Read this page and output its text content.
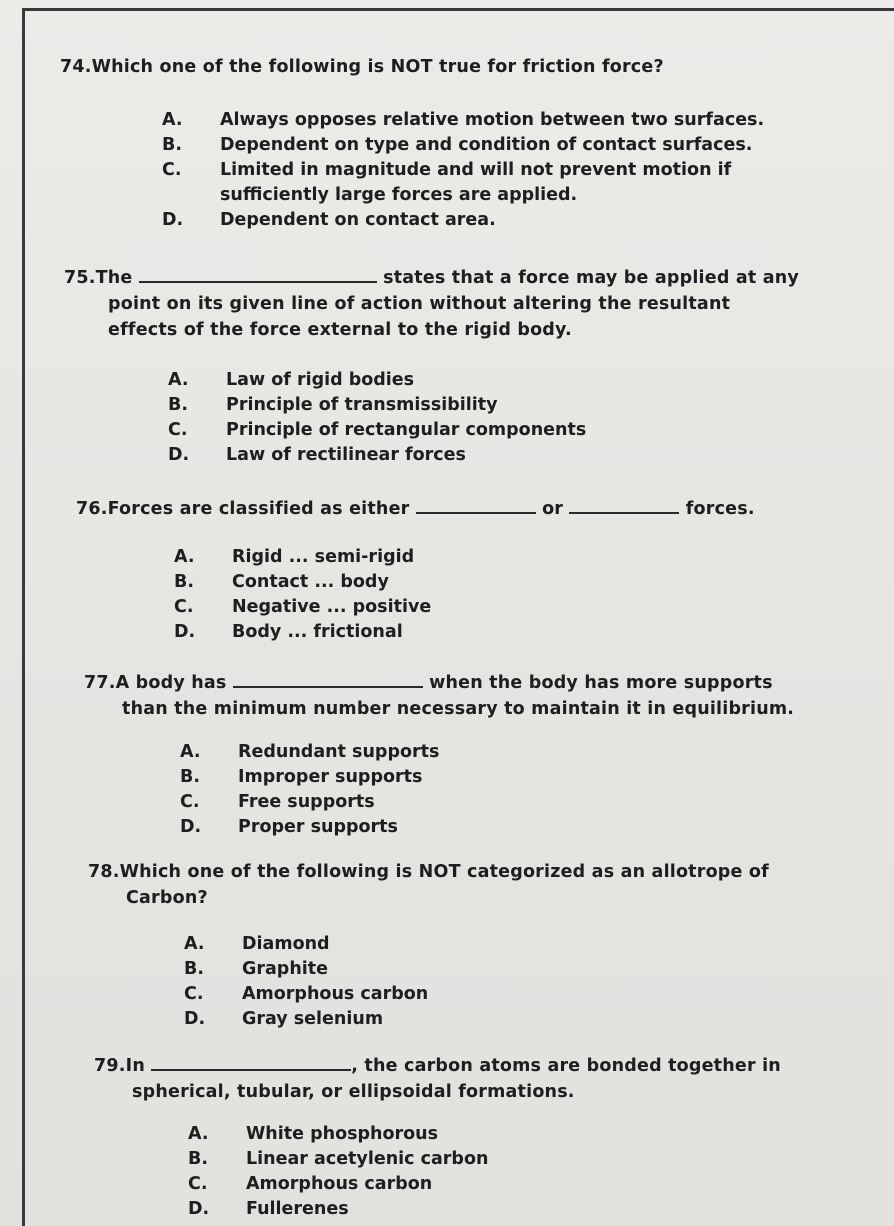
74.Which one of the following is NOT true for friction force?
A. Always opposes relative motion between two surfaces.
B. Dependent on type and condition of contact surfaces.
C. Limited in magnitude and will not prevent motion if
sufficiently large forces are applied.
D. Dependent on contact area.
75.The	states that a force may be applied at any
point on its given line of action without altering the resultant
effects of the force external to the rigid body.
A. Law of rigid bodies
B. Principle of transmissibility
C. Principle of rectangular components
D. Law of rectilinear forces
76.Forces are classified as either	or	forces.
A. Rigid ... semi-rigid
B. Contact ... body
C. Negative ... positive
D. Body ... frictional
77.A body has	when the body has more supports
than the minimum number necessary to maintain it in equilibrium.
A. Redundant supports
B. Improper supports
C. Free supports
D. Proper supports
78.Which one of the following is NOT categorized as an allotrope of
Carbon?
A. Diamond
B. Graphite
C. Amorphous carbon
D. Gray selenium
79.In	, the carbon atoms are bonded together in
spherical, tubular, or ellipsoidal formations.
A. White phosphorous
B. Linear acetylenic carbon
C. Amorphous carbon
D. Fullerenes
